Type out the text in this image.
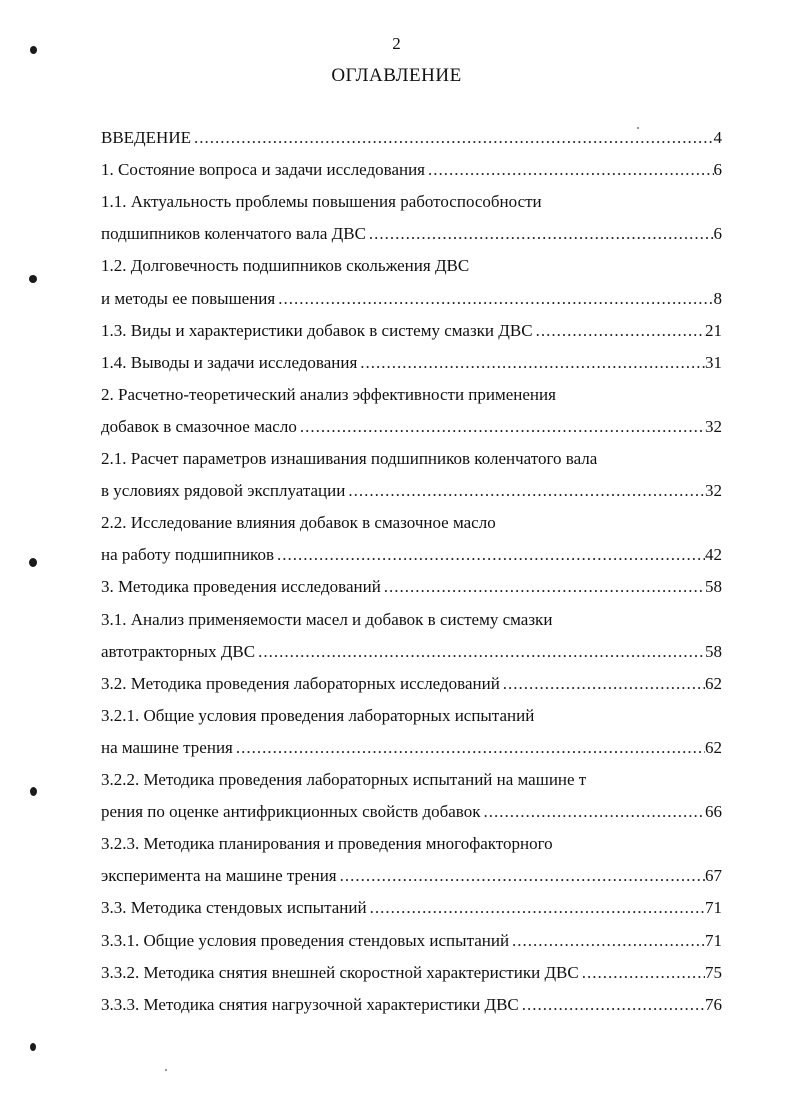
2
ОГЛАВЛЕНИЕ
ВВЕДЕНИЕ .....	4
1. Состояние вопроса и задачи исследования .....	6
1.1. Актуальность проблемы повышения работоспособности
подшипников коленчатого вала ДВС .....	6
1.2. Долговечность подшипников скольжения ДВС
и методы ее повышения .....	8
1.3. Виды и характеристики добавок в систему смазки ДВС .....	21
1.4. Выводы и задачи исследования .....	31
2. Расчетно-теоретический анализ эффективности применения
добавок в смазочное масло .....	32
2.1. Расчет параметров изнашивания подшипников коленчатого вала
в условиях рядовой эксплуатации .....	32
2.2. Исследование влияния добавок в смазочное масло
на работу подшипников .....	42
3. Методика проведения исследований .....	58
3.1. Анализ применяемости масел и добавок в систему смазки
автотракторных ДВС .....	58
3.2. Методика проведения лабораторных исследований .....	62
3.2.1. Общие условия проведения лабораторных испытаний
на машине трения .....	62
3.2.2. Методика проведения лабораторных испытаний на машине т
рения по оценке антифрикционных свойств добавок .....	66
3.2.3. Методика планирования и проведения многофакторного
эксперимента на машине трения .....	67
3.3. Методика стендовых испытаний .....	71
3.3.1. Общие условия проведения стендовых испытаний .....	71
3.3.2. Методика снятия внешней скоростной характеристики ДВС .....	75
3.3.3. Методика снятия нагрузочной характеристики ДВС .....	76
